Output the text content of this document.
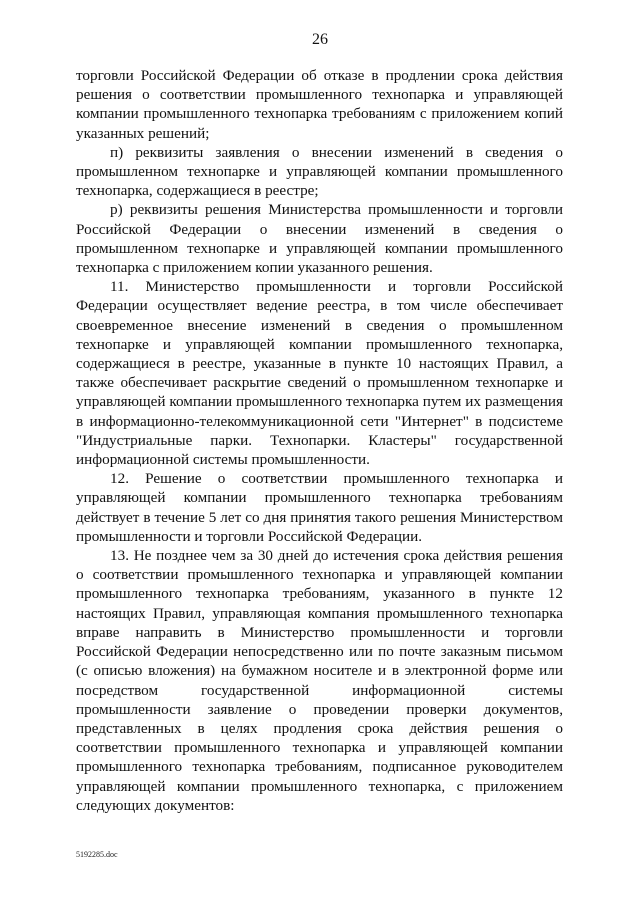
26

торговли Российской Федерации об отказе в продлении срока действия решения о соответствии промышленного технопарка и управляющей компании промышленного технопарка требованиям с приложением копий указанных решений;

п) реквизиты заявления о внесении изменений в сведения о промышленном технопарке и управляющей компании промышленного технопарка, содержащиеся в реестре;

р) реквизиты решения Министерства промышленности и торговли Российской Федерации о внесении изменений в сведения о промышленном технопарке и управляющей компании промышленного технопарка с приложением копии указанного решения.

11. Министерство промышленности и торговли Российской Федерации осуществляет ведение реестра, в том числе обеспечивает своевременное внесение изменений в сведения о промышленном технопарке и управляющей компании промышленного технопарка, содержащиеся в реестре, указанные в пункте 10 настоящих Правил, а также обеспечивает раскрытие сведений о промышленном технопарке и управляющей компании промышленного технопарка путем их размещения в информационно-телекоммуникационной сети "Интернет" в подсистеме "Индустриальные парки. Технопарки. Кластеры" государственной информационной системы промышленности.

12. Решение о соответствии промышленного технопарка и управляющей компании промышленного технопарка требованиям действует в течение 5 лет со дня принятия такого решения Министерством промышленности и торговли Российской Федерации.

13. Не позднее чем за 30 дней до истечения срока действия решения о соответствии промышленного технопарка и управляющей компании промышленного технопарка требованиям, указанного в пункте 12 настоящих Правил, управляющая компания промышленного технопарка вправе направить в Министерство промышленности и торговли Российской Федерации непосредственно или по почте заказным письмом (с описью вложения) на бумажном носителе и в электронной форме или посредством государственной информационной системы промышленности заявление о проведении проверки документов, представленных в целях продления срока действия решения о соответствии промышленного технопарка и управляющей компании промышленного технопарка требованиям, подписанное руководителем управляющей компании промышленного технопарка, с приложением следующих документов:

5192285.doc
